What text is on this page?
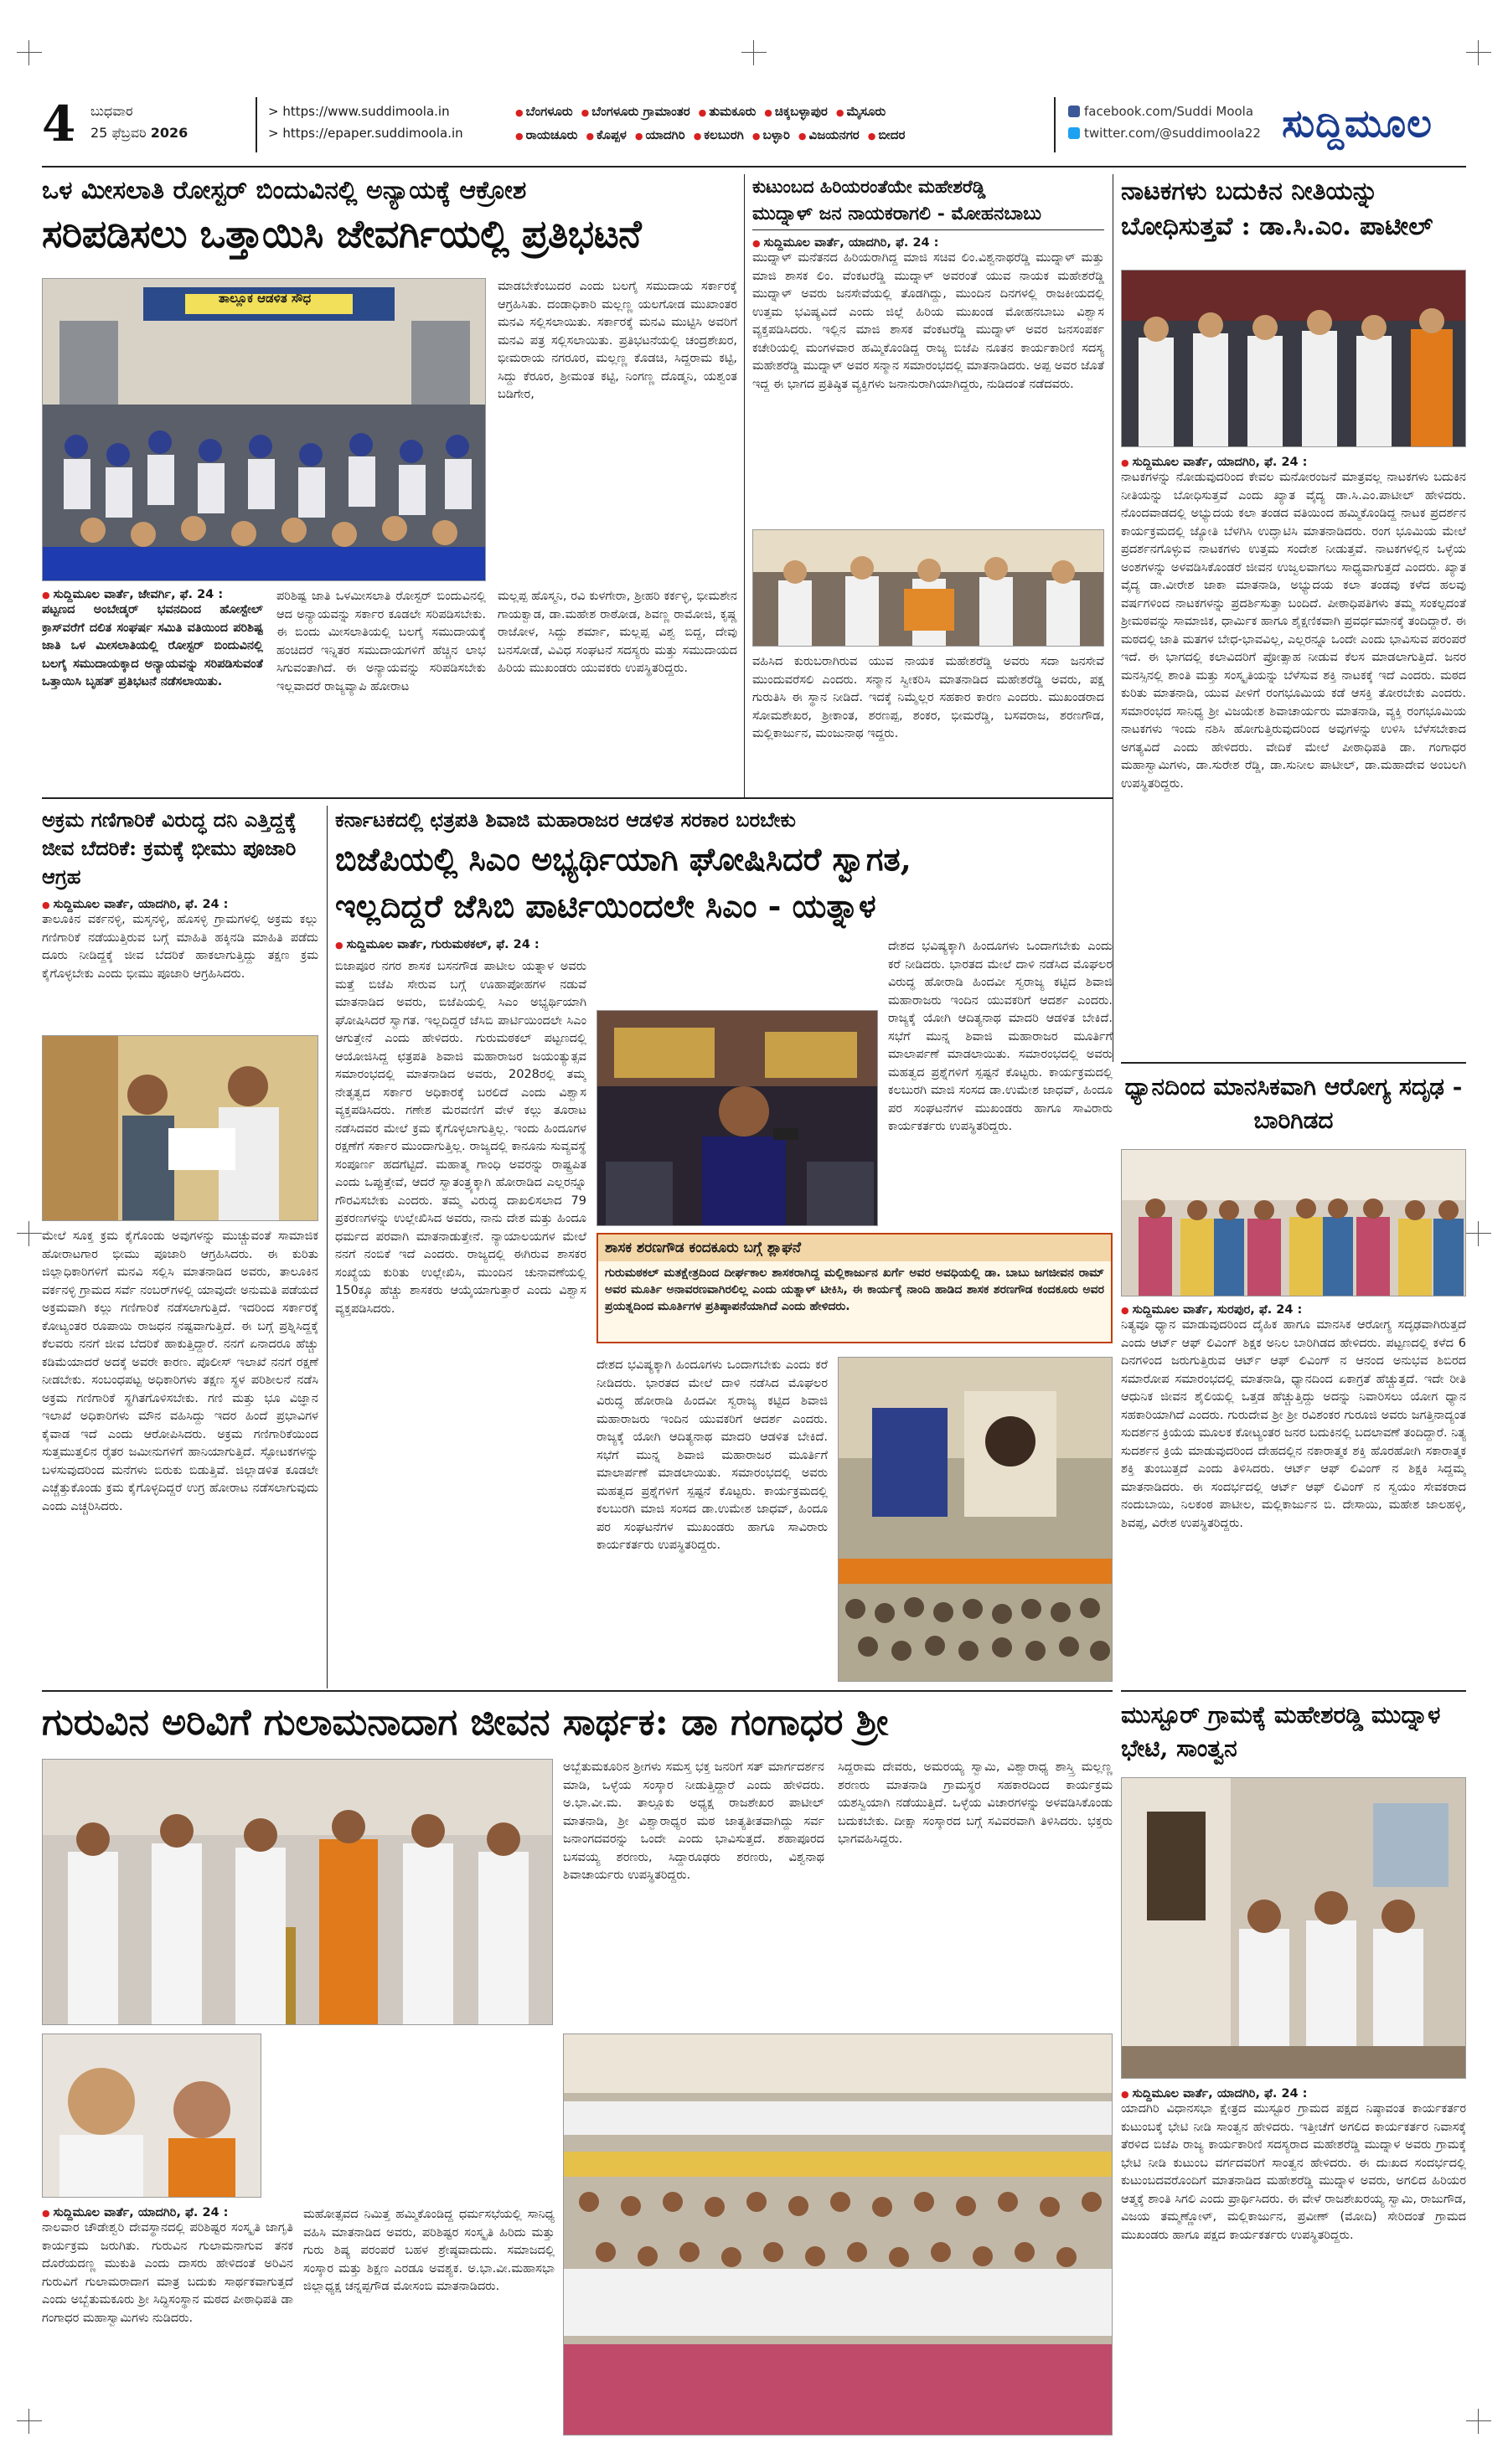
4 ಬುಧವಾರ
25 ಫೆಬ್ರವರಿ 2026
> https://www.suddimoola.in
> https://epaper.suddimoola.in
● ಬೆಂಗಳೂರು ● ಬೆಂಗಳೂರು ಗ್ರಾಮಾಂತರ ● ತುಮಕೂರು ● ಚಿಕ್ಕಬಳ್ಳಾಪುರ ● ಮೈಸೂರು
● ರಾಯಚೂರು ● ಕೊಪ್ಪಳ ● ಯಾದಗಿರಿ ● ಕಲಬುರಗಿ ● ಬಳ್ಳಾರಿ ● ವಿಜಯನಗರ ● ಬೀದರ
facebook.com/Suddi Moola
twitter.com/@suddimoola22 ಸುದ್ದಿಮೂಲ
ಒಳ ಮೀಸಲಾತಿ ರೋಸ್ಟರ್ ಬಿಂದುವಿನಲ್ಲಿ ಅನ್ಯಾಯಕ್ಕೆ ಆಕ್ರೋಶ
ಸರಿಪಡಿಸಲು ಒತ್ತಾಯಿಸಿ ಜೇವರ್ಗಿಯಲ್ಲಿ ಪ್ರತಿಭಟನೆ
ತಾಲ್ಲೂಕ ಆಡಳಿತ ಸೌಧ
ಮಾಡಬೇಕೆಂಬುದರ ಎಂದು ಬಲಗೈ ಸಮುದಾಯ ಸರ್ಕಾರಕ್ಕೆ ಆಗ್ರಹಿಸಿತು. ದಂಡಾಧಿಕಾರಿ ಮಲ್ಲಣ್ಣ ಯಲಗೋಡ ಮುಖಾಂತರ ಮನವಿ ಸಲ್ಲಿಸಲಾಯಿತು. ಸರ್ಕಾರಕ್ಕೆ ಮನವಿ ಮುಟ್ಟಿಸಿ ಅವರಿಗೆ ಮನವಿ ಪತ್ರ ಸಲ್ಲಿಸಲಾಯಿತು. ಪ್ರತಿಭಟನೆಯಲ್ಲಿ ಚಂದ್ರಶೇಖರ, ಭೀಮರಾಯ ನಗರೂರ, ಮಲ್ಲಣ್ಣ ಕೊಡಚಿ, ಸಿದ್ದರಾಮ ಕಟ್ಟಿ, ಸಿದ್ದು ಕೆರೂರ, ಶ್ರೀಮಂತ ಕಟ್ಟಿ, ನಿಂಗಣ್ಣ ದೊಡ್ಮನಿ, ಯಶ್ವಂತ ಬಡಿಗೇರ,
● ಸುದ್ದಿಮೂಲ ವಾರ್ತೆ, ಜೇವರ್ಗಿ, ಫೆ. 24 :
ಪಟ್ಟಣದ ಅಂಬೇಡ್ಕರ್ ಭವನದಿಂದ ಹೋಸ್ಟೇಲ್ ಕ್ರಾಸ್‌ವರೆಗೆ ದಲಿತ ಸಂಘರ್ಷ ಸಮಿತಿ ವತಿಯಿಂದ ಪರಿಶಿಷ್ಟ ಜಾತಿ ಒಳ ಮೀಸಲಾತಿಯಲ್ಲಿ ರೋಸ್ಟರ್ ಬಿಂದುವಿನಲ್ಲಿ ಬಲಗೈ ಸಮುದಾಯಕ್ಕಾದ ಅನ್ಯಾಯವನ್ನು ಸರಿಪಡಿಸುವಂತೆ ಒತ್ತಾಯಿಸಿ ಬೃಹತ್ ಪ್ರತಿಭಟನೆ ನಡೆಸಲಾಯಿತು.
ಪರಿಶಿಷ್ಟ ಜಾತಿ ಒಳಮೀಸಲಾತಿ ರೋಸ್ಟರ್ ಬಿಂದುವಿನಲ್ಲಿ ಆದ ಅನ್ಯಾಯವನ್ನು ಸರ್ಕಾರ ಕೂಡಲೇ ಸರಿಪಡಿಸಬೇಕು. ಈ ಬಿಂದು ಮೀಸಲಾತಿಯಲ್ಲಿ ಬಲಗೈ ಸಮುದಾಯಕ್ಕೆ ಹಂಚಿದರೆ ಇನ್ನಿತರ ಸಮುದಾಯಗಳಿಗೆ ಹೆಚ್ಚಿನ ಲಾಭ ಸಿಗುವಂತಾಗಿದೆ. ಈ ಅನ್ಯಾಯವನ್ನು ಸರಿಪಡಿಸಬೇಕು ಇಲ್ಲವಾದರೆ ರಾಜ್ಯವ್ಯಾಪಿ ಹೋರಾಟ
ಮಲ್ಲಪ್ಪ ಹೊಸ್ಮನಿ, ರವಿ ಕುಳಗೇರಾ, ಶ್ರೀಹರಿ ಕರ್ಕಳ್ಳಿ, ಭೀಮಶೇನ ಗಾಯಕ್ವಾಡ, ಡಾ.ಮಹೇಶ ರಾಠೋಡ, ಶಿವಣ್ಣ ರಾಮೋಜಿ, ಕೃಷ್ಣ ರಾಜೋಳ, ಸಿದ್ದು ಶರ್ಮಾ, ಮಲ್ಲಪ್ಪ ವಿಶ್ವ ಬಿದ್ದ, ದೇವು ಬನಸೋಡೆ, ವಿವಿಧ ಸಂಘಟನೆ ಸದಸ್ಯರು ಮತ್ತು ಸಮುದಾಯದ ಹಿರಿಯ ಮುಖಂಡರು ಯುವಕರು ಉಪಸ್ಥಿತರಿದ್ದರು.
ಕುಟುಂಬದ ಹಿರಿಯರಂತೆಯೇ ಮಹೇಶರೆಡ್ಡಿ
ಮುದ್ನಾಳ್ ಜನ ನಾಯಕರಾಗಲಿ - ಮೋಹನಬಾಬು
● ಸುದ್ದಿಮೂಲ ವಾರ್ತೆ, ಯಾದಗಿರಿ, ಫೆ. 24 :
ಮುದ್ನಾಳ್ ಮನೆತನದ ಹಿರಿಯರಾಗಿದ್ದ ಮಾಜಿ ಸಚಿವ ಲಿಂ.ವಿಶ್ವನಾಥರೆಡ್ಡಿ ಮುದ್ನಾಳ್ ಮತ್ತು ಮಾಜಿ ಶಾಸಕ ಲಿಂ. ವೆಂಕಟರೆಡ್ಡಿ ಮುದ್ನಾಳ್ ಅವರಂತೆ ಯುವ ನಾಯಕ ಮಹೇಶರೆಡ್ಡಿ ಮುದ್ನಾಳ್ ಅವರು ಜನಸೇವೆಯಲ್ಲಿ ತೊಡಗಿದ್ದು, ಮುಂದಿನ ದಿನಗಳಲ್ಲಿ ರಾಜಕೀಯದಲ್ಲಿ ಉತ್ತಮ ಭವಿಷ್ಯವಿದೆ ಎಂದು ಜಿಲ್ಲೆ ಹಿರಿಯ ಮುಖಂಡ ಮೋಹನಬಾಬು ವಿಶ್ವಾಸ ವ್ಯಕ್ತಪಡಿಸಿದರು. ಇಲ್ಲಿನ ಮಾಜಿ ಶಾಸಕ ವೆಂಕಟರೆಡ್ಡಿ ಮುದ್ನಾಳ್ ಅವರ ಜನಸಂಪರ್ಕ ಕಚೇರಿಯಲ್ಲಿ ಮಂಗಳವಾರ ಹಮ್ಮಿಕೊಂಡಿದ್ದ ರಾಜ್ಯ ಬಿಜೆಪಿ ನೂತನ ಕಾರ್ಯಕಾರಿಣಿ ಸದಸ್ಯ ಮಹೇಶರೆಡ್ಡಿ ಮುದ್ನಾಳ್ ಅವರ ಸನ್ಮಾನ ಸಮಾರಂಭದಲ್ಲಿ ಮಾತನಾಡಿದರು. ಅಪ್ಪ ಅವರ ಜೊತೆ ಇದ್ದ ಈ ಭಾಗದ ಪ್ರತಿಷ್ಠಿತ ವ್ಯಕ್ತಿಗಳು ಜನಾನುರಾಗಿಯಾಗಿದ್ದರು, ನುಡಿದಂತೆ ನಡೆದವರು.
ವಹಿಸಿದ ಕುರುಬರಾಗಿರುವ ಯುವ ನಾಯಕ ಮಹೇಶರೆಡ್ಡಿ ಅವರು ಸದಾ ಜನಸೇವೆ ಮುಂದುವರೆಸಲಿ ಎಂದರು. ಸನ್ಮಾನ ಸ್ವೀಕರಿಸಿ ಮಾತನಾಡಿದ ಮಹೇಶರೆಡ್ಡಿ ಅವರು, ಪಕ್ಷ ಗುರುತಿಸಿ ಈ ಸ್ಥಾನ ನೀಡಿದೆ. ಇದಕ್ಕೆ ನಿಮ್ಮೆಲ್ಲರ ಸಹಕಾರ ಕಾರಣ ಎಂದರು. ಮುಖಂಡರಾದ ಸೋಮಶೇಖರ, ಶ್ರೀಕಾಂತ, ಶರಣಪ್ಪ, ಶಂಕರ, ಭೀಮರೆಡ್ಡಿ, ಬಸವರಾಜ, ಶರಣಗೌಡ, ಮಲ್ಲಿಕಾರ್ಜುನ, ಮಂಜುನಾಥ ಇದ್ದರು.
ನಾಟಕಗಳು ಬದುಕಿನ ನೀತಿಯನ್ನು ಬೋಧಿಸುತ್ತವೆ : ಡಾ.ಸಿ.ಎಂ. ಪಾಟೀಲ್
● ಸುದ್ದಿಮೂಲ ವಾರ್ತೆ, ಯಾದಗಿರಿ, ಫೆ. 24 :
ನಾಟಕಗಳನ್ನು ನೋಡುವುದರಿಂದ ಕೇವಲ ಮನೋರಂಜನೆ ಮಾತ್ರವಲ್ಲ ನಾಟಕಗಳು ಬದುಕಿನ ನೀತಿಯನ್ನು ಬೋಧಿಸುತ್ತವೆ ಎಂದು ಖ್ಯಾತ ವೈದ್ಯ ಡಾ.ಸಿ.ಎಂ.ಪಾಟೀಲ್ ಹೇಳಿದರು. ನೊಂದವಾಡದಲ್ಲಿ ಅಭ್ಯುದಯ ಕಲಾ ತಂಡದ ವತಿಯಿಂದ ಹಮ್ಮಿಕೊಂಡಿದ್ದ ನಾಟಕ ಪ್ರದರ್ಶನ ಕಾರ್ಯಕ್ರಮದಲ್ಲಿ ಜ್ಯೋತಿ ಬೆಳಗಿಸಿ ಉದ್ಘಾಟಿಸಿ ಮಾತನಾಡಿದರು. ರಂಗ ಭೂಮಿಯ ಮೇಲೆ ಪ್ರದರ್ಶನಗೊಳ್ಳುವ ನಾಟಕಗಳು ಉತ್ತಮ ಸಂದೇಶ ನೀಡುತ್ತವೆ. ನಾಟಕಗಳಲ್ಲಿನ ಒಳ್ಳೆಯ ಅಂಶಗಳನ್ನು ಅಳವಡಿಸಿಕೊಂಡರೆ ಜೀವನ ಉಜ್ವಲವಾಗಲು ಸಾಧ್ಯವಾಗುತ್ತದೆ ಎಂದರು. ಖ್ಯಾತ ವೈದ್ಯ ಡಾ.ವೀರೇಶ ಜಾಕಾ ಮಾತನಾಡಿ, ಅಭ್ಯುದಯ ಕಲಾ ತಂಡವು ಕಳೆದ ಹಲವು ವರ್ಷಗಳಿಂದ ನಾಟಕಗಳನ್ನು ಪ್ರದರ್ಶಿಸುತ್ತಾ ಬಂದಿದೆ. ಪೀಠಾಧಿಪತಿಗಳು ತಮ್ಮ ಸಂಕಲ್ಪದಂತೆ ಶ್ರೀಮಠವನ್ನು ಸಾಮಾಜಿಕ, ಧಾರ್ಮಿಕ ಹಾಗೂ ಶೈಕ್ಷಣಿಕವಾಗಿ ಪ್ರವರ್ಧಮಾನಕ್ಕೆ ತಂದಿದ್ದಾರೆ. ಈ ಮಠದಲ್ಲಿ ಜಾತಿ ಮತಗಳ ಬೇಧ-ಭಾವವಿಲ್ಲ, ಎಲ್ಲರನ್ನೂ ಒಂದೇ ಎಂದು ಭಾವಿಸುವ ಪರಂಪರೆ ಇದೆ. ಈ ಭಾಗದಲ್ಲಿ ಕಲಾವಿದರಿಗೆ ಪ್ರೋತ್ಸಾಹ ನೀಡುವ ಕೆಲಸ ಮಾಡಲಾಗುತ್ತಿದೆ. ಜನರ ಮನಸ್ಸಿನಲ್ಲಿ ಶಾಂತಿ ಮತ್ತು ಸಂಸ್ಕೃತಿಯನ್ನು ಬೆಳೆಸುವ ಶಕ್ತಿ ನಾಟಕಕ್ಕೆ ಇದೆ ಎಂದರು. ಮಠದ ಕುರಿತು ಮಾತನಾಡಿ, ಯುವ ಪೀಳಿಗೆ ರಂಗಭೂಮಿಯ ಕಡೆ ಆಸಕ್ತಿ ತೋರಬೇಕು ಎಂದರು. ಸಮಾರಂಭದ ಸಾನಿಧ್ಯ ಶ್ರೀ ವಿಜಯೇಶ ಶಿವಾಚಾರ್ಯರು ಮಾತನಾಡಿ, ವ್ಯಕ್ತಿ ರಂಗಭೂಮಿಯ ನಾಟಕಗಳು ಇಂದು ನಶಿಸಿ ಹೋಗುತ್ತಿರುವುದರಿಂದ ಅವುಗಳನ್ನು ಉಳಿಸಿ ಬೆಳೆಸಬೇಕಾದ ಅಗತ್ಯವಿದೆ ಎಂದು ಹೇಳಿದರು. ವೇದಿಕೆ ಮೇಲೆ ಪೀಠಾಧಿಪತಿ ಡಾ. ಗಂಗಾಧರ ಮಹಾಸ್ವಾಮಿಗಳು, ಡಾ.ಸುರೇಶ ರೆಡ್ಡಿ, ಡಾ.ಸುನೀಲ ಪಾಟೀಲ್, ಡಾ.ಮಹಾದೇವ ಅಂಬಲಗಿ ಉಪಸ್ಥಿತರಿದ್ದರು.
ಅಕ್ರಮ ಗಣಿಗಾರಿಕೆ ವಿರುದ್ಧ ದನಿ ಎತ್ತಿದ್ದಕ್ಕೆ ಜೀವ ಬೆದರಿಕೆ: ಕ್ರಮಕ್ಕೆ ಭೀಮು ಪೂಜಾರಿ ಆಗ್ರಹ
● ಸುದ್ದಿಮೂಲ ವಾರ್ತೆ, ಯಾದಗಿರಿ, ಫೆ. 24 :
ತಾಲೂಕಿನ ವರ್ಕನಳ್ಳಿ, ಮಸ್ಕನಳ್ಳಿ, ಹೊಸಳ್ಳಿ ಗ್ರಾಮಗಳಲ್ಲಿ ಅಕ್ರಮ ಕಲ್ಲು ಗಣಿಗಾರಿಕೆ ನಡೆಯುತ್ತಿರುವ ಬಗ್ಗೆ ಮಾಹಿತಿ ಹಕ್ಕಿನಡಿ ಮಾಹಿತಿ ಪಡೆದು ದೂರು ನೀಡಿದ್ದಕ್ಕೆ ಜೀವ ಬೆದರಿಕೆ ಹಾಕಲಾಗುತ್ತಿದ್ದು ತಕ್ಷಣ ಕ್ರಮ ಕೈಗೊಳ್ಳಬೇಕು ಎಂದು ಭೀಮು ಪೂಜಾರಿ ಆಗ್ರಹಿಸಿದರು.
ಮೇಲೆ ಸೂಕ್ತ ಕ್ರಮ ಕೈಗೊಂಡು ಅವುಗಳನ್ನು ಮುಚ್ಚುವಂತೆ ಸಾಮಾಜಿಕ ಹೋರಾಟಗಾರ ಭೀಮು ಪೂಜಾರಿ ಆಗ್ರಹಿಸಿದರು. ಈ ಕುರಿತು ಜಿಲ್ಲಾಧಿಕಾರಿಗಳಿಗೆ ಮನವಿ ಸಲ್ಲಿಸಿ ಮಾತನಾಡಿದ ಅವರು, ತಾಲೂಕಿನ ವರ್ಕನಳ್ಳಿ ಗ್ರಾಮದ ಸರ್ವೆ ನಂಬರ್‌ಗಳಲ್ಲಿ ಯಾವುದೇ ಅನುಮತಿ ಪಡೆಯದೆ ಅಕ್ರಮವಾಗಿ ಕಲ್ಲು ಗಣಿಗಾರಿಕೆ ನಡೆಸಲಾಗುತ್ತಿದೆ. ಇದರಿಂದ ಸರ್ಕಾರಕ್ಕೆ ಕೋಟ್ಯಂತರ ರೂಪಾಯಿ ರಾಜಧನ ನಷ್ಟವಾಗುತ್ತಿದೆ. ಈ ಬಗ್ಗೆ ಪ್ರಶ್ನಿಸಿದ್ದಕ್ಕೆ ಕೆಲವರು ನನಗೆ ಜೀವ ಬೆದರಿಕೆ ಹಾಕುತ್ತಿದ್ದಾರೆ. ನನಗೆ ಏನಾದರೂ ಹೆಚ್ಚು ಕಡಿಮೆಯಾದರೆ ಅದಕ್ಕೆ ಅವರೇ ಕಾರಣ. ಪೊಲೀಸ್ ಇಲಾಖೆ ನನಗೆ ರಕ್ಷಣೆ ನೀಡಬೇಕು. ಸಂಬಂಧಪಟ್ಟ ಅಧಿಕಾರಿಗಳು ತಕ್ಷಣ ಸ್ಥಳ ಪರಿಶೀಲನೆ ನಡೆಸಿ ಅಕ್ರಮ ಗಣಿಗಾರಿಕೆ ಸ್ಥಗಿತಗೊಳಿಸಬೇಕು. ಗಣಿ ಮತ್ತು ಭೂ ವಿಜ್ಞಾನ ಇಲಾಖೆ ಅಧಿಕಾರಿಗಳು ಮೌನ ವಹಿಸಿದ್ದು ಇದರ ಹಿಂದೆ ಪ್ರಭಾವಿಗಳ ಕೈವಾಡ ಇದೆ ಎಂದು ಆರೋಪಿಸಿದರು. ಅಕ್ರಮ ಗಣಿಗಾರಿಕೆಯಿಂದ ಸುತ್ತಮುತ್ತಲಿನ ರೈತರ ಜಮೀನುಗಳಿಗೆ ಹಾನಿಯಾಗುತ್ತಿದೆ. ಸ್ಫೋಟಕಗಳನ್ನು ಬಳಸುವುದರಿಂದ ಮನೆಗಳು ಬಿರುಕು ಬಿಡುತ್ತಿವೆ. ಜಿಲ್ಲಾಡಳಿತ ಕೂಡಲೇ ಎಚ್ಚೆತ್ತುಕೊಂಡು ಕ್ರಮ ಕೈಗೊಳ್ಳದಿದ್ದರೆ ಉಗ್ರ ಹೋರಾಟ ನಡೆಸಲಾಗುವುದು ಎಂದು ಎಚ್ಚರಿಸಿದರು.
ಕರ್ನಾಟಕದಲ್ಲಿ ಛತ್ರಪತಿ ಶಿವಾಜಿ ಮಹಾರಾಜರ ಆಡಳಿತ ಸರಕಾರ ಬರಬೇಕು
ಬಿಜೆಪಿಯಲ್ಲಿ ಸಿಎಂ ಅಭ್ಯರ್ಥಿಯಾಗಿ ಘೋಷಿಸಿದರೆ ಸ್ವಾಗತ,
ಇಲ್ಲದಿದ್ದರೆ ಜೆಸಿಬಿ ಪಾರ್ಟಿಯಿಂದಲೇ ಸಿಎಂ - ಯತ್ನಾಳ
● ಸುದ್ದಿಮೂಲ ವಾರ್ತೆ, ಗುರುಮಠಕಲ್, ಫೆ. 24 :
ಬಿಜಾಪೂರ ನಗರ ಶಾಸಕ ಬಸನಗೌಡ ಪಾಟೀಲ ಯತ್ನಾಳ ಅವರು ಮತ್ತೆ ಬಿಜೆಪಿ ಸೇರುವ ಬಗ್ಗೆ ಊಹಾಪೋಹಗಳ ನಡುವೆ ಮಾತನಾಡಿದ ಅವರು, ಬಿಜೆಪಿಯಲ್ಲಿ ಸಿಎಂ ಅಭ್ಯರ್ಥಿಯಾಗಿ ಘೋಷಿಸಿದರೆ ಸ್ವಾಗತ. ಇಲ್ಲದಿದ್ದರೆ ಜೆಸಿಬಿ ಪಾರ್ಟಿಯಿಂದಲೇ ಸಿಎಂ ಆಗುತ್ತೇನೆ ಎಂದು ಹೇಳಿದರು. ಗುರುಮಠಕಲ್ ಪಟ್ಟಣದಲ್ಲಿ ಆಯೋಜಿಸಿದ್ದ ಛತ್ರಪತಿ ಶಿವಾಜಿ ಮಹಾರಾಜರ ಜಯಂತ್ಯುತ್ಸವ ಸಮಾರಂಭದಲ್ಲಿ ಮಾತನಾಡಿದ ಅವರು, 2028ರಲ್ಲಿ ತಮ್ಮ ನೇತೃತ್ವದ ಸರ್ಕಾರ ಅಧಿಕಾರಕ್ಕೆ ಬರಲಿದೆ ಎಂದು ವಿಶ್ವಾಸ ವ್ಯಕ್ತಪಡಿಸಿದರು. ಗಣೇಶ ಮೆರವಣಿಗೆ ವೇಳೆ ಕಲ್ಲು ತೂರಾಟ ನಡೆಸಿದವರ ಮೇಲೆ ಕ್ರಮ ಕೈಗೊಳ್ಳಲಾಗುತ್ತಿಲ್ಲ. ಇಂದು ಹಿಂದೂಗಳ ರಕ್ಷಣೆಗೆ ಸರ್ಕಾರ ಮುಂದಾಗುತ್ತಿಲ್ಲ. ರಾಜ್ಯದಲ್ಲಿ ಕಾನೂನು ಸುವ್ಯವಸ್ಥೆ ಸಂಪೂರ್ಣ ಹದಗೆಟ್ಟಿದೆ. ಮಹಾತ್ಮ ಗಾಂಧಿ ಅವರನ್ನು ರಾಷ್ಟ್ರಪಿತ ಎಂದು ಒಪ್ಪುತ್ತೇವೆ, ಆದರೆ ಸ್ವಾತಂತ್ರ್ಯಕ್ಕಾಗಿ ಹೋರಾಡಿದ ಎಲ್ಲರನ್ನೂ ಗೌರವಿಸಬೇಕು ಎಂದರು. ತಮ್ಮ ವಿರುದ್ಧ ದಾಖಲಿಸಲಾದ 79 ಪ್ರಕರಣಗಳನ್ನು ಉಲ್ಲೇಖಿಸಿದ ಅವರು, ನಾನು ದೇಶ ಮತ್ತು ಹಿಂದೂ ಧರ್ಮದ ಪರವಾಗಿ ಮಾತನಾಡುತ್ತೇನೆ. ನ್ಯಾಯಾಲಯಗಳ ಮೇಲೆ ನನಗೆ ನಂಬಿಕೆ ಇದೆ ಎಂದರು. ರಾಜ್ಯದಲ್ಲಿ ಈಗಿರುವ ಶಾಸಕರ ಸಂಖ್ಯೆಯ ಕುರಿತು ಉಲ್ಲೇಖಿಸಿ, ಮುಂದಿನ ಚುನಾವಣೆಯಲ್ಲಿ 150ಕ್ಕೂ ಹೆಚ್ಚು ಶಾಸಕರು ಆಯ್ಕೆಯಾಗುತ್ತಾರೆ ಎಂದು ವಿಶ್ವಾಸ ವ್ಯಕ್ತಪಡಿಸಿದರು.
ದೇಶದ ಭವಿಷ್ಯಕ್ಕಾಗಿ ಹಿಂದೂಗಳು ಒಂದಾಗಬೇಕು ಎಂದು ಕರೆ ನೀಡಿದರು. ಭಾರತದ ಮೇಲೆ ದಾಳಿ ನಡೆಸಿದ ಮೊಘಲರ ವಿರುದ್ಧ ಹೋರಾಡಿ ಹಿಂದವೀ ಸ್ವರಾಜ್ಯ ಕಟ್ಟಿದ ಶಿವಾಜಿ ಮಹಾರಾಜರು ಇಂದಿನ ಯುವಕರಿಗೆ ಆದರ್ಶ ಎಂದರು. ರಾಜ್ಯಕ್ಕೆ ಯೋಗಿ ಆದಿತ್ಯನಾಥ ಮಾದರಿ ಆಡಳಿತ ಬೇಕಿದೆ. ಸಭೆಗೆ ಮುನ್ನ ಶಿವಾಜಿ ಮಹಾರಾಜರ ಮೂರ್ತಿಗೆ ಮಾಲಾರ್ಪಣೆ ಮಾಡಲಾಯಿತು. ಸಮಾರಂಭದಲ್ಲಿ ಅವರು ಮಹತ್ವದ ಪ್ರಶ್ನೆಗಳಿಗೆ ಸ್ಪಷ್ಟನೆ ಕೊಟ್ಟರು. ಕಾರ್ಯಕ್ರಮದಲ್ಲಿ ಕಲಬುರಗಿ ಮಾಜಿ ಸಂಸದ ಡಾ.ಉಮೇಶ ಜಾಧವ್, ಹಿಂದೂ ಪರ ಸಂಘಟನೆಗಳ ಮುಖಂಡರು ಹಾಗೂ ಸಾವಿರಾರು ಕಾರ್ಯಕರ್ತರು ಉಪಸ್ಥಿತರಿದ್ದರು.
ಶಾಸಕ ಶರಣಗೌಡ ಕಂದಕೂರು ಬಗ್ಗೆ ಶ್ಲಾಘನೆ
ಗುರುಮಠಕಲ್ ಮತಕ್ಷೇತ್ರದಿಂದ ದೀರ್ಘಕಾಲ ಶಾಸಕರಾಗಿದ್ದ ಮಲ್ಲಿಕಾರ್ಜುನ ಖರ್ಗೆ ಅವರ ಅವಧಿಯಲ್ಲಿ ಡಾ. ಬಾಬು ಜಗಜೀವನ ರಾಮ್ ಅವರ ಮೂರ್ತಿ ಅನಾವರಣವಾಗಿರಲಿಲ್ಲ ಎಂದು ಯತ್ನಾಳ್ ಟೀಕಿಸಿ, ಈ ಕಾರ್ಯಕ್ಕೆ ನಾಂದಿ ಹಾಡಿದ ಶಾಸಕ ಶರಣಗೌಡ ಕಂದಕೂರು ಅವರ ಪ್ರಯತ್ನದಿಂದ ಮೂರ್ತಿಗಳ ಪ್ರತಿಷ್ಠಾಪನೆಯಾಗಿದೆ ಎಂದು ಹೇಳಿದರು.
ದೇಶದ ಭವಿಷ್ಯಕ್ಕಾಗಿ ಹಿಂದೂಗಳು ಒಂದಾಗಬೇಕು ಎಂದು ಕರೆ ನೀಡಿದರು. ಭಾರತದ ಮೇಲೆ ದಾಳಿ ನಡೆಸಿದ ಮೊಘಲರ ವಿರುದ್ಧ ಹೋರಾಡಿ ಹಿಂದವೀ ಸ್ವರಾಜ್ಯ ಕಟ್ಟಿದ ಶಿವಾಜಿ ಮಹಾರಾಜರು ಇಂದಿನ ಯುವಕರಿಗೆ ಆದರ್ಶ ಎಂದರು. ರಾಜ್ಯಕ್ಕೆ ಯೋಗಿ ಆದಿತ್ಯನಾಥ ಮಾದರಿ ಆಡಳಿತ ಬೇಕಿದೆ. ಸಭೆಗೆ ಮುನ್ನ ಶಿವಾಜಿ ಮಹಾರಾಜರ ಮೂರ್ತಿಗೆ ಮಾಲಾರ್ಪಣೆ ಮಾಡಲಾಯಿತು. ಸಮಾರಂಭದಲ್ಲಿ ಅವರು ಮಹತ್ವದ ಪ್ರಶ್ನೆಗಳಿಗೆ ಸ್ಪಷ್ಟನೆ ಕೊಟ್ಟರು. ಕಾರ್ಯಕ್ರಮದಲ್ಲಿ ಕಲಬುರಗಿ ಮಾಜಿ ಸಂಸದ ಡಾ.ಉಮೇಶ ಜಾಧವ್, ಹಿಂದೂ ಪರ ಸಂಘಟನೆಗಳ ಮುಖಂಡರು ಹಾಗೂ ಸಾವಿರಾರು ಕಾರ್ಯಕರ್ತರು ಉಪಸ್ಥಿತರಿದ್ದರು.
ಧ್ಯಾನದಿಂದ ಮಾನಸಿಕವಾಗಿ ಆರೋಗ್ಯ ಸದೃಢ - ಬಾರಿಗಿಡದ
● ಸುದ್ದಿಮೂಲ ವಾರ್ತೆ, ಸುರಪುರ, ಫೆ. 24 :
ನಿತ್ಯವೂ ಧ್ಯಾನ ಮಾಡುವುದರಿಂದ ದೈಹಿಕ ಹಾಗೂ ಮಾನಸಿಕ ಆರೋಗ್ಯ ಸದೃಢವಾಗಿರುತ್ತದೆ ಎಂದು ಆರ್ಟ್ ಆಫ್ ಲಿವಿಂಗ್ ಶಿಕ್ಷಕ ಅನಿಲ ಬಾರಿಗಿಡದ ಹೇಳಿದರು. ಪಟ್ಟಣದಲ್ಲಿ ಕಳೆದ 6 ದಿನಗಳಿಂದ ಜರುಗುತ್ತಿರುವ ಆರ್ಟ್ ಆಫ್ ಲಿವಿಂಗ್ ನ ಆನಂದ ಅನುಭವ ಶಿಬಿರದ ಸಮಾರೋಪ ಸಮಾರಂಭದಲ್ಲಿ ಮಾತನಾಡಿ, ಧ್ಯಾನದಿಂದ ಏಕಾಗ್ರತೆ ಹೆಚ್ಚುತ್ತದೆ. ಇದೇ ರೀತಿ ಆಧುನಿಕ ಜೀವನ ಶೈಲಿಯಲ್ಲಿ ಒತ್ತಡ ಹೆಚ್ಚುತ್ತಿದ್ದು ಅದನ್ನು ನಿವಾರಿಸಲು ಯೋಗ ಧ್ಯಾನ ಸಹಕಾರಿಯಾಗಿದೆ ಎಂದರು. ಗುರುದೇವ ಶ್ರೀ ಶ್ರೀ ರವಿಶಂಕರ ಗುರೂಜಿ ಅವರು ಜಗತ್ತಿನಾದ್ಯಂತ ಸುದರ್ಶನ ಕ್ರಿಯೆಯ ಮೂಲಕ ಕೋಟ್ಯಂತರ ಜನರ ಬದುಕಿನಲ್ಲಿ ಬದಲಾವಣೆ ತಂದಿದ್ದಾರೆ. ನಿತ್ಯ ಸುದರ್ಶನ ಕ್ರಿಯೆ ಮಾಡುವುದರಿಂದ ದೇಹದಲ್ಲಿನ ನಕಾರಾತ್ಮಕ ಶಕ್ತಿ ಹೊರಹೋಗಿ ಸಕಾರಾತ್ಮಕ ಶಕ್ತಿ ತುಂಬುತ್ತದೆ ಎಂದು ತಿಳಿಸಿದರು. ಆರ್ಟ್ ಆಫ್ ಲಿವಿಂಗ್ ನ ಶಿಕ್ಷಕಿ ಸಿದ್ದಮ್ಮ ಮಾತನಾಡಿದರು. ಈ ಸಂದರ್ಭದಲ್ಲಿ ಆರ್ಟ್ ಆಫ್ ಲಿವಿಂಗ್ ನ ಸ್ವಯಂ ಸೇವಕರಾದ ನಂದುಬಾಯಿ, ನಿಲಕಂಠ ಪಾಟೀಲ, ಮಲ್ಲಿಕಾರ್ಜುನ ಬಿ. ದೇಸಾಯಿ, ಮಹೇಶ ಜಾಲಹಳ್ಳಿ, ಶಿವಪ್ಪ, ವಿರೇಶ ಉಪಸ್ಥಿತರಿದ್ದರು.
ಗುರುವಿನ ಅರಿವಿಗೆ ಗುಲಾಮನಾದಾಗ ಜೀವನ ಸಾರ್ಥಕ: ಡಾ ಗಂಗಾಧರ ಶ್ರೀ
ಅಬ್ಬೆತುಮಕೂರಿನ ಶ್ರೀಗಳು ಸಮಸ್ತ ಭಕ್ತ ಜನರಿಗೆ ಸತ್ ಮಾರ್ಗದರ್ಶನ ಮಾಡಿ, ಒಳ್ಳೆಯ ಸಂಸ್ಕಾರ ನೀಡುತ್ತಿದ್ದಾರೆ ಎಂದು ಹೇಳಿದರು. ಅ.ಭಾ.ವೀ.ಮ. ತಾಲ್ಲೂಕು ಅಧ್ಯಕ್ಷ ರಾಜಶೇಖರ ಪಾಟೀಲ್ ಮಾತನಾಡಿ, ಶ್ರೀ ವಿಶ್ವಾರಾಧ್ಯರ ಮಠ ಜಾತ್ಯತೀತವಾಗಿದ್ದು ಸರ್ವ ಜನಾಂಗದವರನ್ನು ಒಂದೇ ಎಂದು ಭಾವಿಸುತ್ತದೆ. ಶಹಾಪೂರದ ಬಸವಯ್ಯ ಶರಣರು, ಸಿದ್ದಾರೂಢರು ಶರಣರು, ವಿಶ್ವನಾಥ ಶಿವಾಚಾರ್ಯರು ಉಪಸ್ಥಿತರಿದ್ದರು.
ಸಿದ್ದರಾಮ ದೇವರು, ಅಮರಯ್ಯ ಸ್ವಾಮಿ, ವಿಶ್ವಾರಾಧ್ಯ ಶಾಸ್ತ್ರಿ ಮಲ್ಲಣ್ಣ ಶರಣರು ಮಾತನಾಡಿ ಗ್ರಾಮಸ್ಥರ ಸಹಕಾರದಿಂದ ಕಾರ್ಯಕ್ರಮ ಯಶಸ್ವಿಯಾಗಿ ನಡೆಯುತ್ತಿದೆ. ಒಳ್ಳೆಯ ವಿಚಾರಗಳನ್ನು ಅಳವಡಿಸಿಕೊಂಡು ಬದುಕಬೇಕು. ದೀಕ್ಷಾ ಸಂಸ್ಕಾರದ ಬಗ್ಗೆ ಸವಿವರವಾಗಿ ತಿಳಿಸಿದರು. ಭಕ್ತರು ಭಾಗವಹಿಸಿದ್ದರು.
● ಸುದ್ದಿಮೂಲ ವಾರ್ತೆ, ಯಾದಗಿರಿ, ಫೆ. 24 :
ನಾಲವಾರ ಚೌಡೇಶ್ವರಿ ದೇವಸ್ಥಾನದಲ್ಲಿ ಪರಿಶಿಷ್ಟರ ಸಂಸ್ಕೃತಿ ಜಾಗೃತಿ ಕಾರ್ಯಕ್ರಮ ಜರುಗಿತು. ಗುರುವಿನ ಗುಲಾಮನಾಗುವ ತನಕ ದೊರೆಯದಣ್ಣ ಮುಕುತಿ ಎಂದು ದಾಸರು ಹೇಳಿದಂತೆ ಅರಿವಿನ ಗುರುವಿಗೆ ಗುಲಾಮರಾದಾಗ ಮಾತ್ರ ಬದುಕು ಸಾರ್ಥಕವಾಗುತ್ತದೆ ಎಂದು ಅಬ್ಬೆತುಮಕೂರು ಶ್ರೀ ಸಿದ್ಧಿಸಂಸ್ಥಾನ ಮಠದ ಪೀಠಾಧಿಪತಿ ಡಾ ಗಂಗಾಧರ ಮಹಾಸ್ವಾಮಿಗಳು ನುಡಿದರು.
ಮಹೋತ್ಸವದ ನಿಮಿತ್ತ ಹಮ್ಮಿಕೊಂಡಿದ್ದ ಧರ್ಮಸಭೆಯಲ್ಲಿ ಸಾನಿಧ್ಯ ವಹಿಸಿ ಮಾತನಾಡಿದ ಅವರು, ಪರಿಶಿಷ್ಟರ ಸಂಸ್ಕೃತಿ ಹಿರಿದು ಮತ್ತು ಗುರು ಶಿಷ್ಯ ಪರಂಪರೆ ಬಹಳ ಶ್ರೇಷ್ಠವಾದುದು. ಸಮಾಜದಲ್ಲಿ ಸಂಸ್ಕಾರ ಮತ್ತು ಶಿಕ್ಷಣ ಎರಡೂ ಅವಶ್ಯಕ. ಅ.ಭಾ.ವೀ.ಮಹಾಸಭಾ ಜಿಲ್ಲಾಧ್ಯಕ್ಷ ಚನ್ನಪ್ಪಗೌಡ ಮೋಸಂಬಿ ಮಾತನಾಡಿದರು.
ಮುಸ್ಟೂರ್ ಗ್ರಾಮಕ್ಕೆ ಮಹೇಶರಡ್ಡಿ ಮುದ್ನಾಳ ಭೇಟಿ, ಸಾಂತ್ವನ
● ಸುದ್ದಿಮೂಲ ವಾರ್ತೆ, ಯಾದಗಿರಿ, ಫೆ. 24 :
ಯಾದಗಿರಿ ವಿಧಾನಸಭಾ ಕ್ಷೇತ್ರದ ಮುಸ್ಟೂರ ಗ್ರಾಮದ ಪಕ್ಷದ ನಿಷ್ಠಾವಂತ ಕಾರ್ಯಕರ್ತರ ಕುಟುಂಬಕ್ಕೆ ಭೇಟಿ ನೀಡಿ ಸಾಂತ್ವನ ಹೇಳಿದರು. ಇತ್ತೀಚೆಗೆ ಅಗಲಿದ ಕಾರ್ಯಕರ್ತರ ನಿವಾಸಕ್ಕೆ ತೆರಳಿದ ಬಿಜೆಪಿ ರಾಜ್ಯ ಕಾರ್ಯಕಾರಿಣಿ ಸದಸ್ಯರಾದ ಮಹೇಶರೆಡ್ಡಿ ಮುದ್ನಾಳ ಅವರು ಗ್ರಾಮಕ್ಕೆ ಭೇಟಿ ನೀಡಿ ಕುಟುಂಬ ವರ್ಗದವರಿಗೆ ಸಾಂತ್ವನ ಹೇಳಿದರು. ಈ ದುಃಖದ ಸಂದರ್ಭದಲ್ಲಿ ಕುಟುಂಬದವರೊಂದಿಗೆ ಮಾತನಾಡಿದ ಮಹೇಶರೆಡ್ಡಿ ಮುದ್ನಾಳ ಅವರು, ಅಗಲಿದ ಹಿರಿಯರ ಆತ್ಮಕ್ಕೆ ಶಾಂತಿ ಸಿಗಲಿ ಎಂದು ಪ್ರಾರ್ಥಿಸಿದರು. ಈ ವೇಳೆ ರಾಜಶೇಖರಯ್ಯ ಸ್ವಾಮಿ, ರಾಜುಗೌಡ, ವಿಜಯ ತಮ್ಮಣ್ಣೋಳ್, ಮಲ್ಲಿಕಾರ್ಜುನ, ಪ್ರವೀಣ್ (ಮೋದಿ) ಸೇರಿದಂತೆ ಗ್ರಾಮದ ಮುಖಂಡರು ಹಾಗೂ ಪಕ್ಷದ ಕಾರ್ಯಕರ್ತರು ಉಪಸ್ಥಿತರಿದ್ದರು.
